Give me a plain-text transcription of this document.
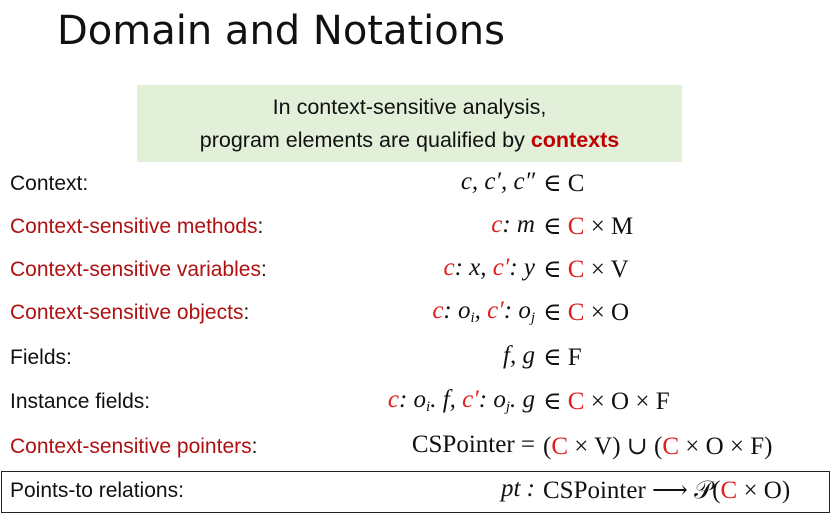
Domain and Notations
In context-sensitive analysis,
program elements are qualified by contexts
Context:	c, c′, c″ ∈ C
Context-sensitive methods:	c: m ∈ C × M
Context-sensitive variables:	c: x, c′: y ∈ C × V
Context-sensitive objects:	c: $o_i$, c′: $o_j$ ∈ C × O
Fields:	f, g ∈ F
Instance fields:	c: $o_i$. f, c′: $o_j$. g ∈ C × O × F
Context-sensitive pointers:	CSPointer = (C × V) ∪ (C × O × F)
Points-to relations:	pt : CSPointer ⟶ 𝒫(C × O)
